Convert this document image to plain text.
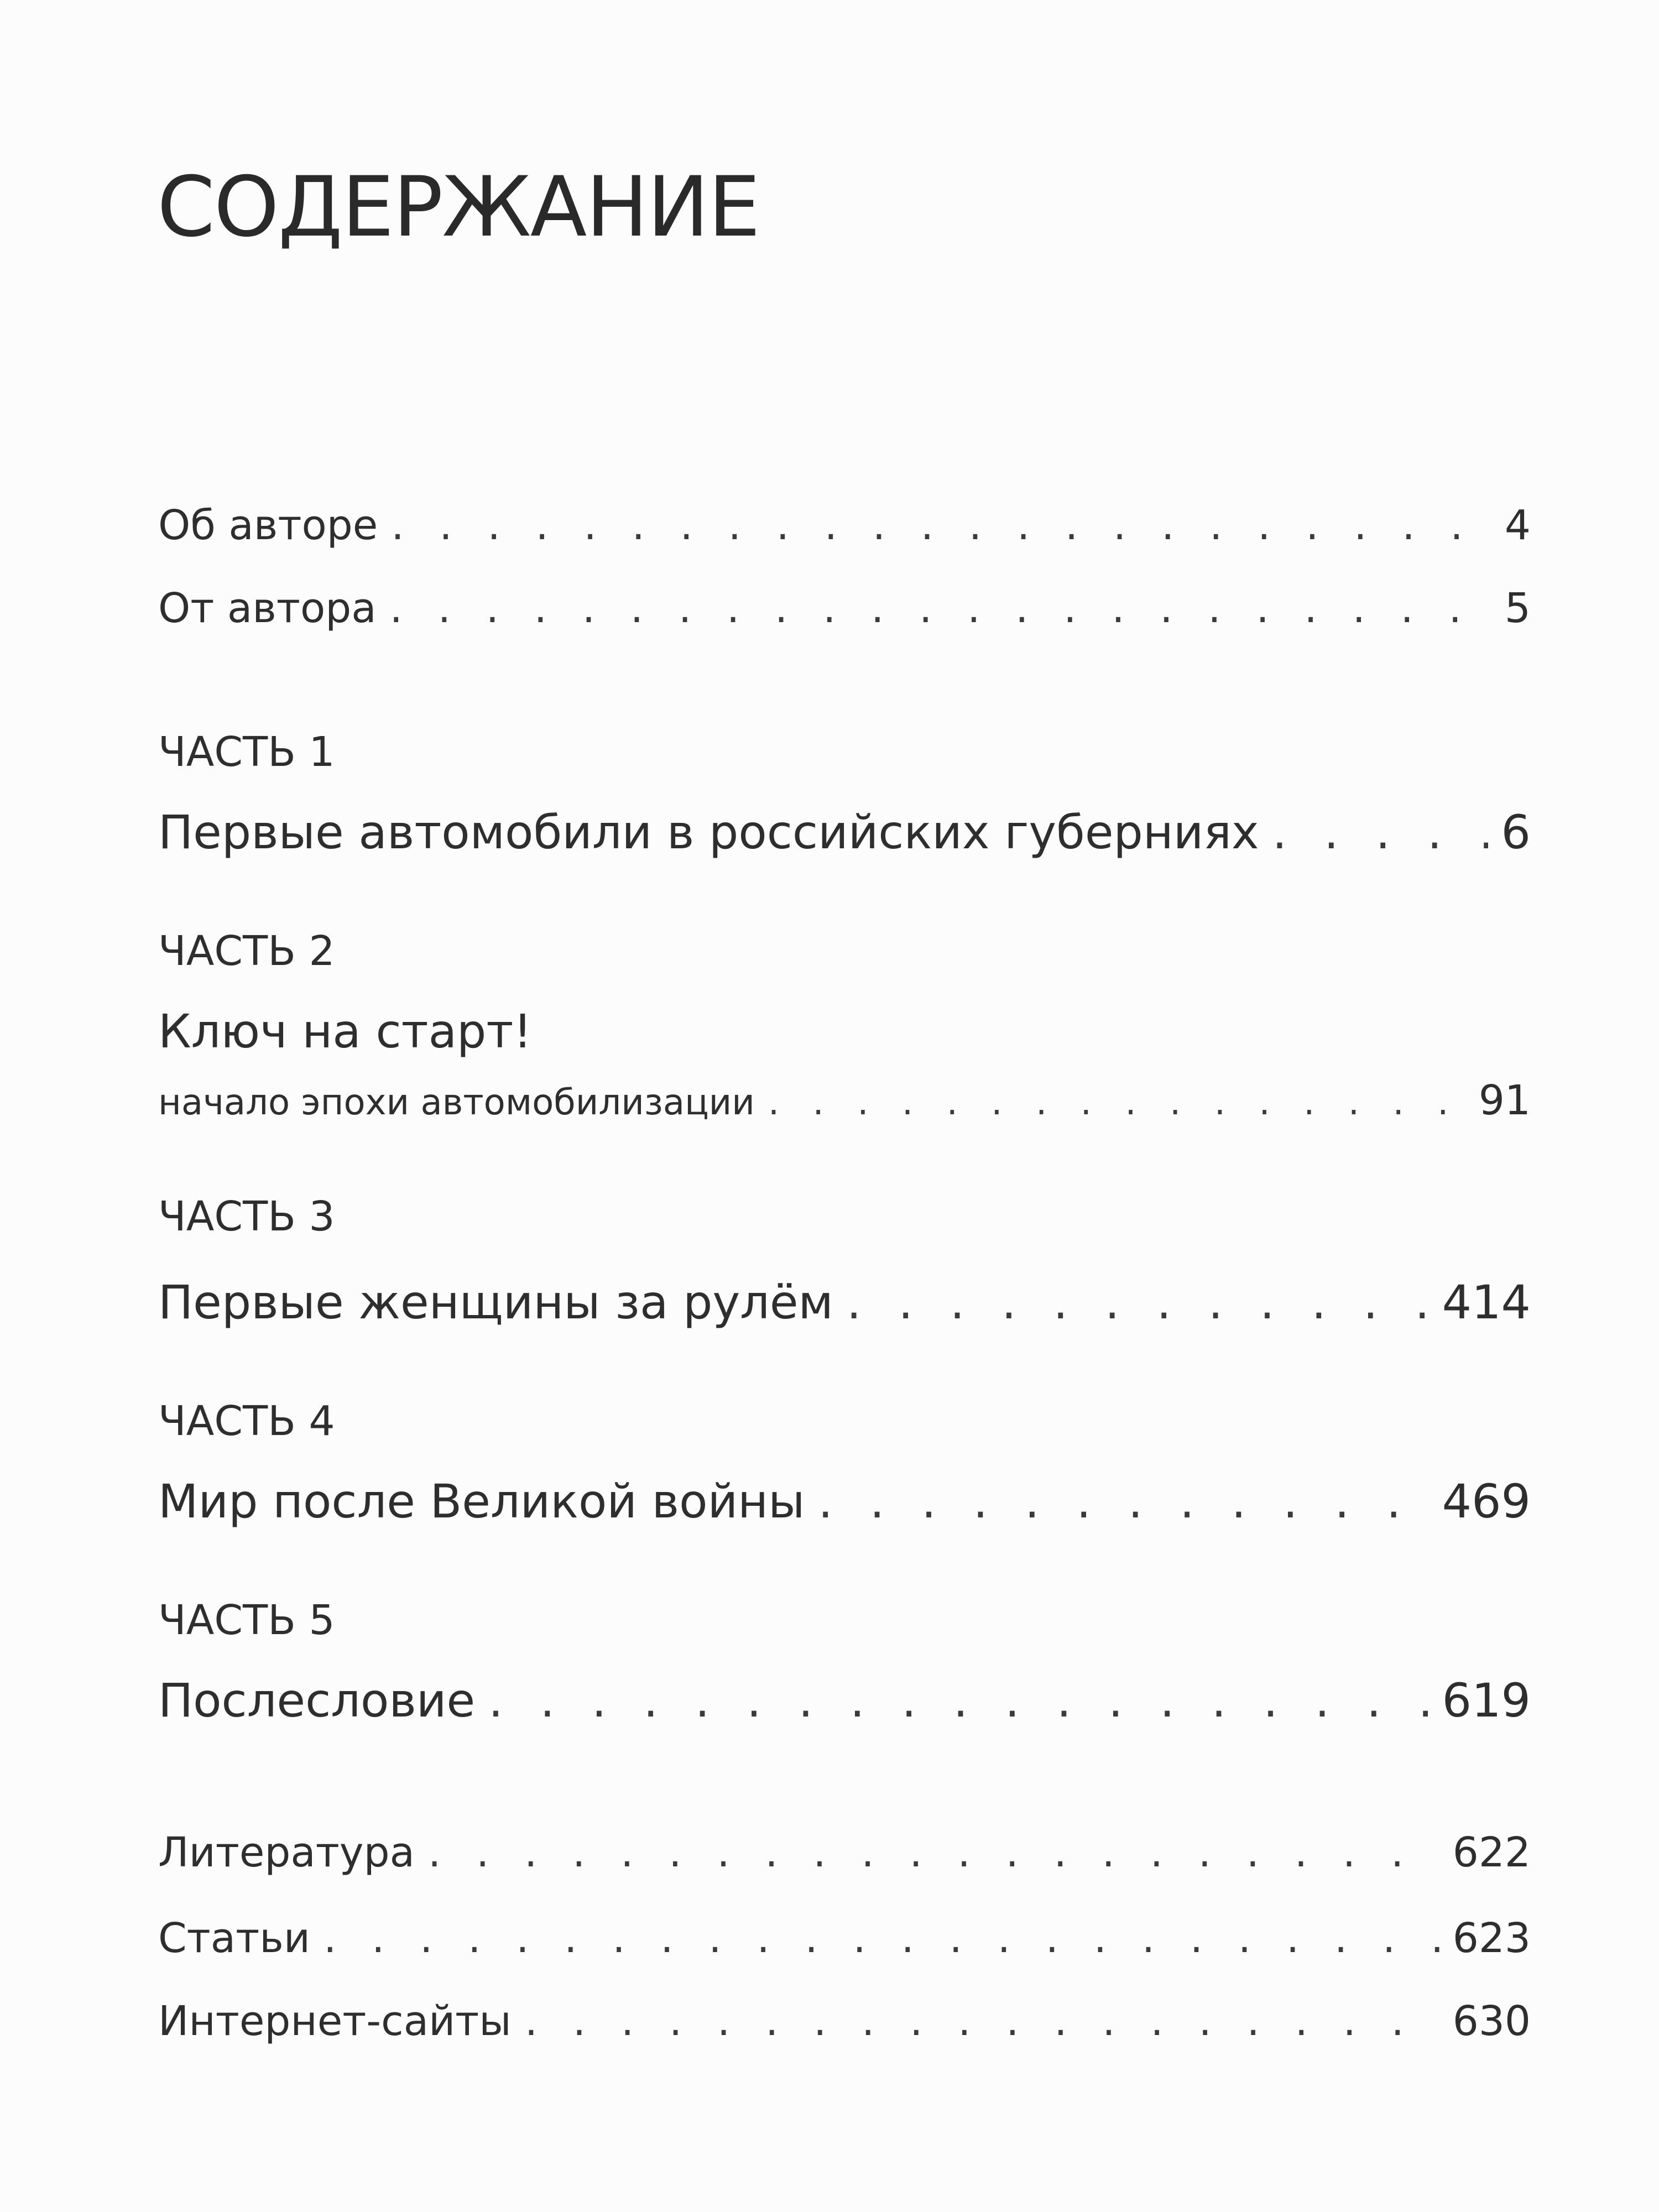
СОДЕРЖАНИЕ
Об авторе . . .	4
От автора . . .	5
ЧАСТЬ 1
Первые автомобили в российских губерниях . . .	6
ЧАСТЬ 2
Ключ на старт!
начало эпохи автомобилизации . . .	91
ЧАСТЬ 3
Первые женщины за рулём . . .	414
ЧАСТЬ 4
Мир после Великой войны . . .	469
ЧАСТЬ 5
Послесловие . . .	619
Литература . . .	622
Статьи . . .	623
Интернет-сайты . . .	630
